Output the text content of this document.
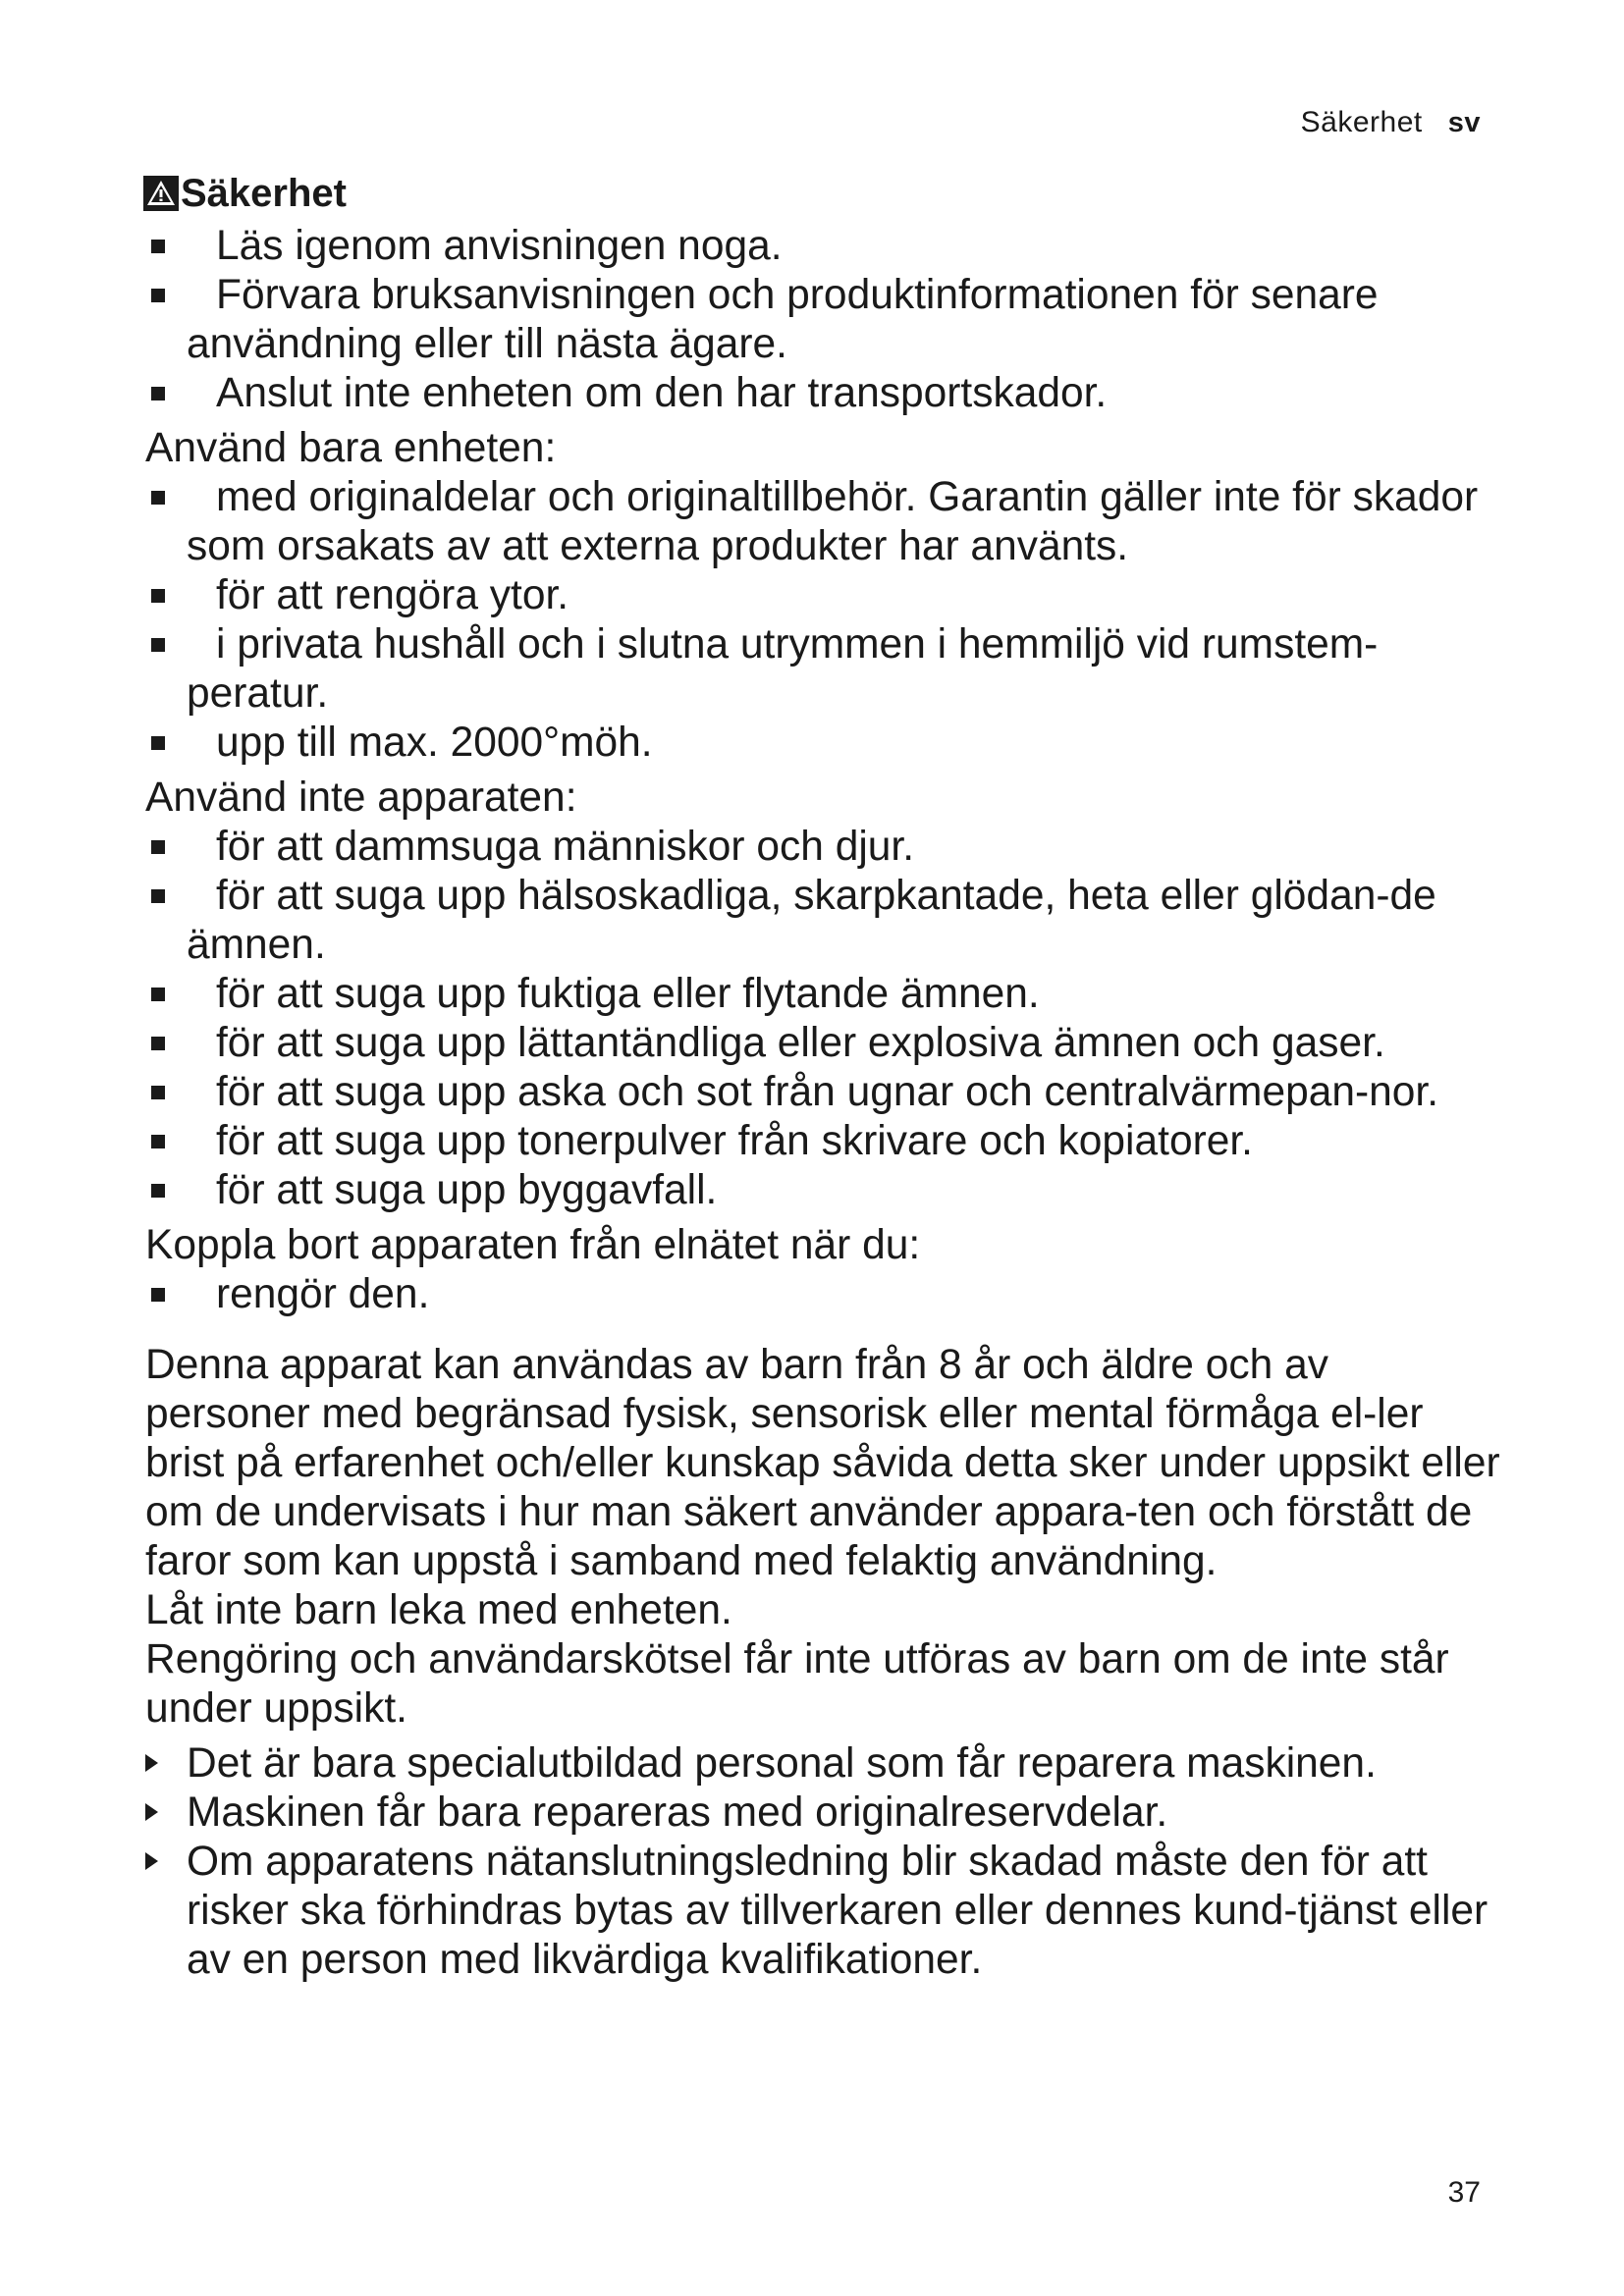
Säkerhet sv
Säkerhet
Läs igenom anvisningen noga.
Förvara bruksanvisningen och produktinformationen för senare användning eller till nästa ägare.
Anslut inte enheten om den har transportskador.

Använd bara enheten:

med originaldelar och originaltillbehör. Garantin gäller inte för skador som orsakats av att externa produkter har använts.
för att rengöra ytor.
i privata hushåll och i slutna utrymmen i hemmiljö vid rumstem-peratur.
upp till max. 2000°möh.

Använd inte apparaten:

för att dammsuga människor och djur.
för att suga upp hälsoskadliga, skarpkantade, heta eller glödan-de ämnen.
för att suga upp fuktiga eller flytande ämnen.
för att suga upp lättantändliga eller explosiva ämnen och gaser.
för att suga upp aska och sot från ugnar och centralvärmepan-nor.
för att suga upp tonerpulver från skrivare och kopiatorer.
för att suga upp byggavfall.

Koppla bort apparaten från elnätet när du:

rengör den.

Denna apparat kan användas av barn från 8 år och äldre och av personer med begränsad fysisk, sensorisk eller mental förmåga el-ler brist på erfarenhet och/eller kunskap såvida detta sker under uppsikt eller om de undervisats i hur man säkert använder appara-ten och förstått de faror som kan uppstå i samband med felaktig användning.

Låt inte barn leka med enheten.

Rengöring och användarskötsel får inte utföras av barn om de inte står under uppsikt.

Det är bara specialutbildad personal som får reparera maskinen.
Maskinen får bara repareras med originalreservdelar.
Om apparatens nätanslutningsledning blir skadad måste den för att risker ska förhindras bytas av tillverkaren eller dennes kund-tjänst eller av en person med likvärdiga kvalifikationer.
37
